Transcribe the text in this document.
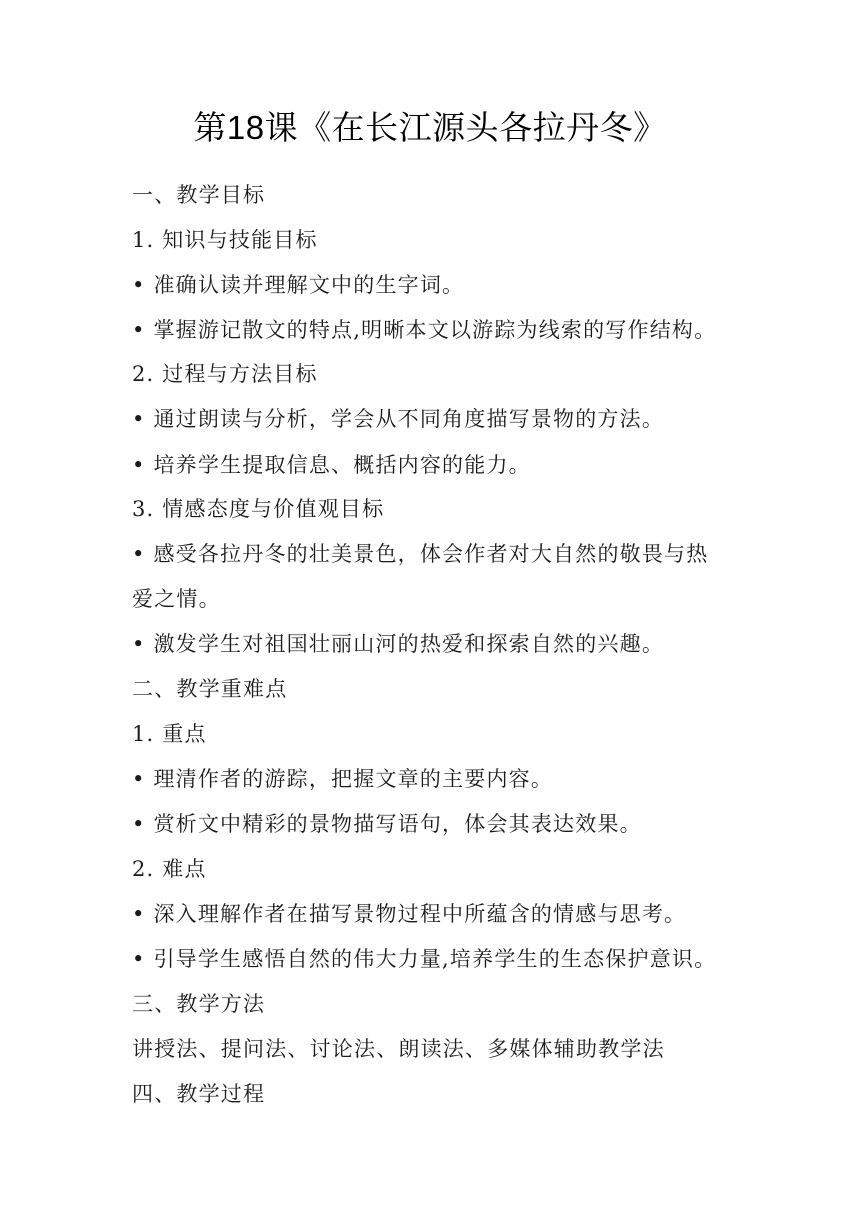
第18课《在长江源头各拉丹冬》
一、教学目标
1. 知识与技能目标
• 准确认读并理解文中的生字词。
• 掌握游记散文的特点,明晰本文以游踪为线索的写作结构。
2. 过程与方法目标
• 通过朗读与分析，学会从不同角度描写景物的方法。
• 培养学生提取信息、概括内容的能力。
3. 情感态度与价值观目标
• 感受各拉丹冬的壮美景色，体会作者对大自然的敬畏与热
爱之情。
• 激发学生对祖国壮丽山河的热爱和探索自然的兴趣。
二、教学重难点
1. 重点
• 理清作者的游踪，把握文章的主要内容。
• 赏析文中精彩的景物描写语句，体会其表达效果。
2. 难点
• 深入理解作者在描写景物过程中所蕴含的情感与思考。
• 引导学生感悟自然的伟大力量,培养学生的生态保护意识。
三、教学方法
讲授法、提问法、讨论法、朗读法、多媒体辅助教学法
四、教学过程
